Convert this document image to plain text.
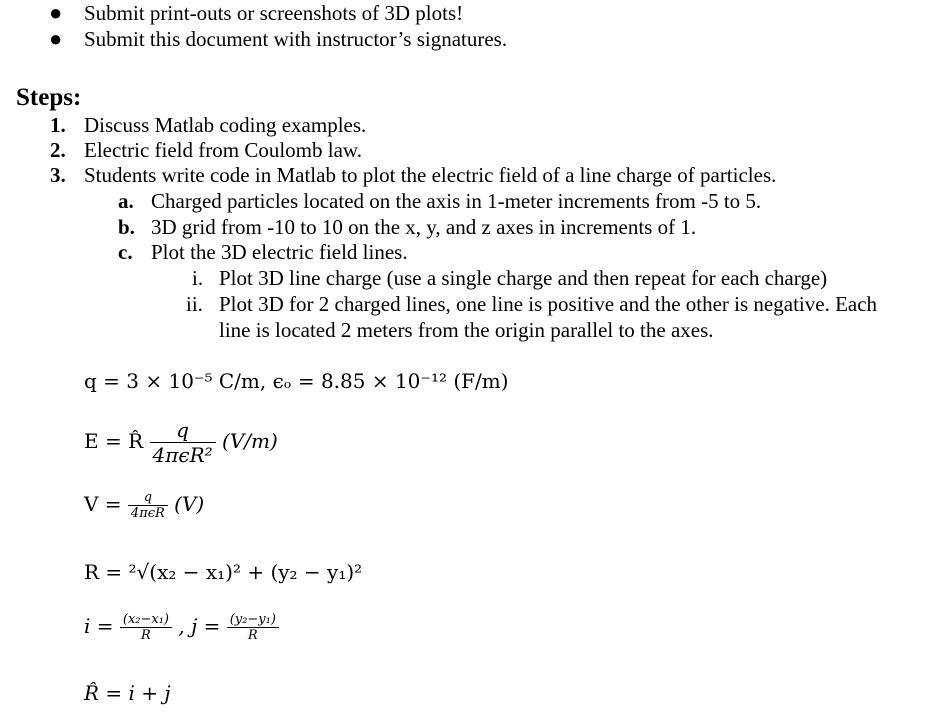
● Submit print-outs or screenshots of 3D plots!
● Submit this document with instructor’s signatures.
Steps:
1. Discuss Matlab coding examples.
2. Electric field from Coulomb law.
3. Students write code in Matlab to plot the electric field of a line charge of particles.
a. Charged particles located on the axis in 1-meter increments from -5 to 5.
b. 3D grid from -10 to 10 on the x, y, and z axes in increments of 1.
c. Plot the 3D electric field lines.
i. Plot 3D line charge (use a single charge and then repeat for each charge)
ii. Plot 3D for 2 charged lines, one line is positive and the other is negative. Each
line is located 2 meters from the origin parallel to the axes.
q = 3 × 10⁻⁵ C/m, ϵₒ = 8.85 × 10⁻¹² (F/m)
E = R̂ $\frac{q}{\text{4πϵR²}} (V/m)$
$V = \frac{q}{\text{4πϵR}} (V)$
R = ²√(x₂ − x₁)² + (y₂ − y₁)²
$i = \frac{\text{(x₂−x₁)}}{R}$ , $j = \frac{\text{(y₂−y₁)}}{R}$
R̂ = i + j
